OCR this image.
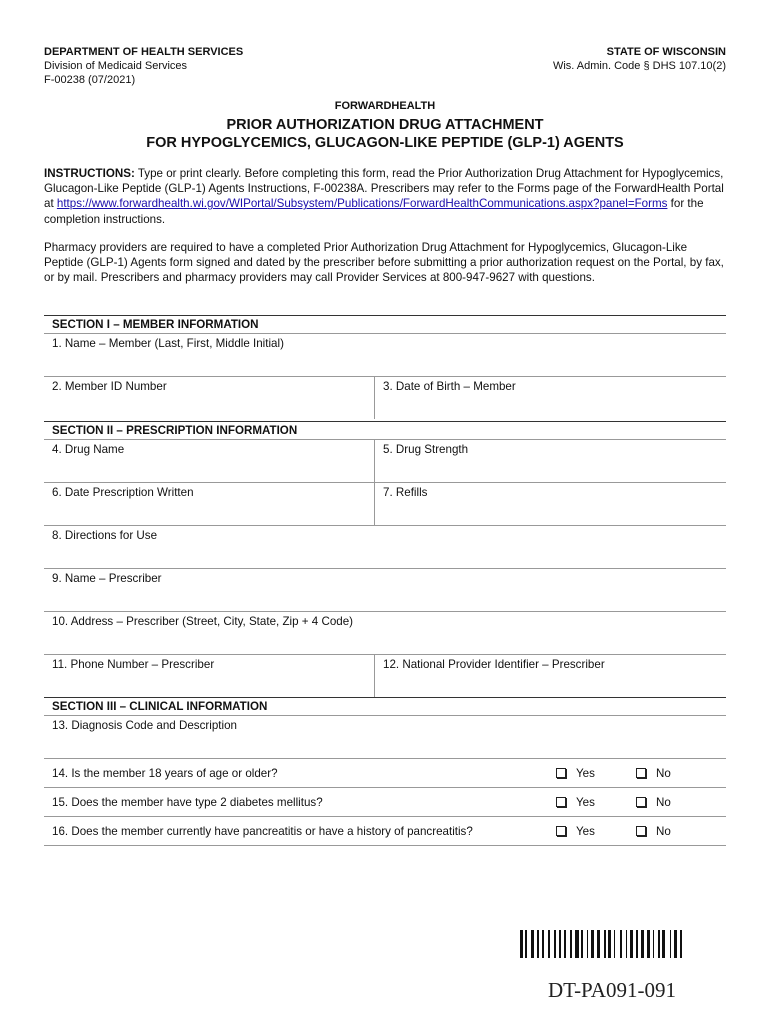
DEPARTMENT OF HEALTH SERVICES
Division of Medicaid Services
F-00238 (07/2021)
STATE OF WISCONSIN
Wis. Admin. Code § DHS 107.10(2)
FORWARDHEALTH
PRIOR AUTHORIZATION DRUG ATTACHMENT
FOR HYPOGLYCEMICS, GLUCAGON-LIKE PEPTIDE (GLP-1) AGENTS
INSTRUCTIONS: Type or print clearly. Before completing this form, read the Prior Authorization Drug Attachment for Hypoglycemics, Glucagon-Like Peptide (GLP-1) Agents Instructions, F-00238A. Prescribers may refer to the Forms page of the ForwardHealth Portal at https://www.forwardhealth.wi.gov/WIPortal/Subsystem/Publications/ForwardHealthCommunications.aspx?panel=Forms for the completion instructions.
Pharmacy providers are required to have a completed Prior Authorization Drug Attachment for Hypoglycemics, Glucagon-Like Peptide (GLP-1) Agents form signed and dated by the prescriber before submitting a prior authorization request on the Portal, by fax, or by mail. Prescribers and pharmacy providers may call Provider Services at 800-947-9627 with questions.
SECTION I – MEMBER INFORMATION
1. Name – Member (Last, First, Middle Initial)
2. Member ID Number	3. Date of Birth – Member
SECTION II – PRESCRIPTION INFORMATION
4. Drug Name	5. Drug Strength
6. Date Prescription Written	7. Refills
8. Directions for Use
9. Name – Prescriber
10. Address – Prescriber (Street, City, State, Zip + 4 Code)
11. Phone Number – Prescriber	12. National Provider Identifier – Prescriber
SECTION III – CLINICAL INFORMATION
13. Diagnosis Code and Description
14. Is the member 18 years of age or older?	Yes	No
15. Does the member have type 2 diabetes mellitus?	Yes	No
16. Does the member currently have pancreatitis or have a history of pancreatitis?	Yes	No
DT-PA091-091
